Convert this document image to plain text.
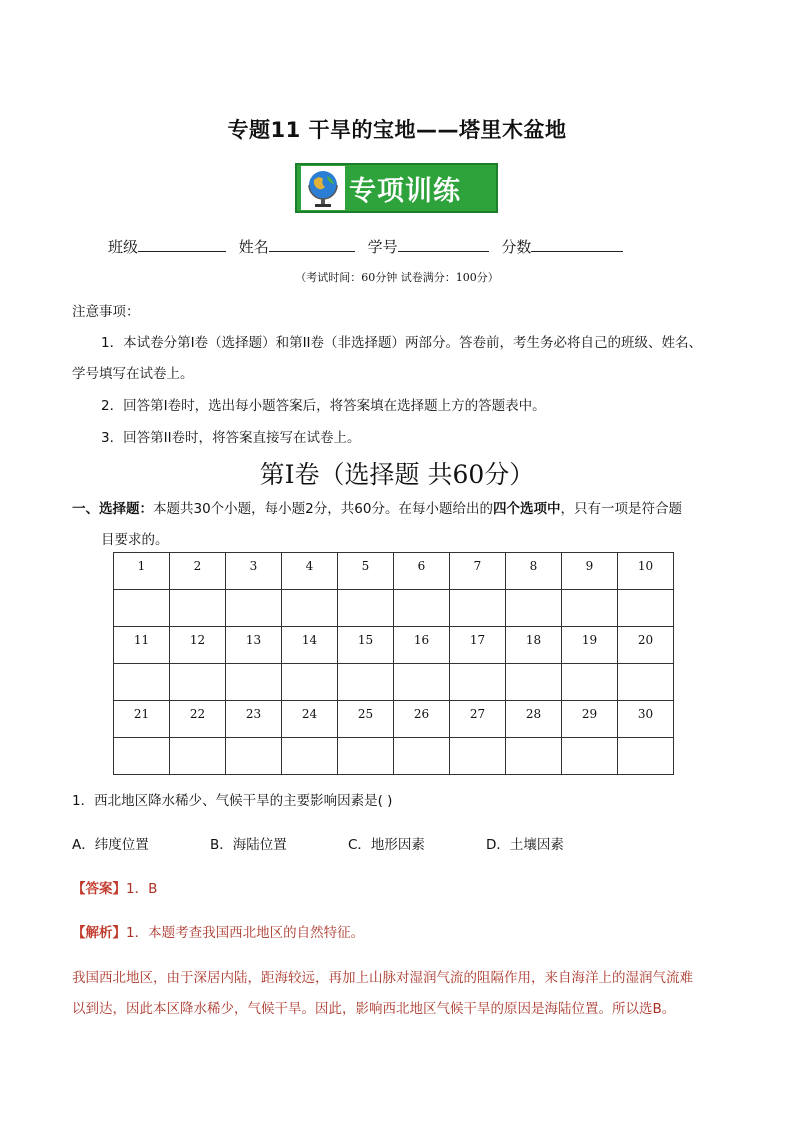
专题11 干旱的宝地——塔里木盆地
专项训练
班级	姓名	学号	分数
（考试时间：60分钟 试卷满分：100分）
注意事项：
1．本试卷分第I卷（选择题）和第II卷（非选择题）两部分。答卷前，考生务必将自己的班级、姓名、
学号填写在试卷上。
2．回答第I卷时，选出每小题答案后，将答案填在选择题上方的答题表中。
3．回答第II卷时，将答案直接写在试卷上。
第I卷（选择题 共60分）
一、选择题：本题共30个小题，每小题2分，共60分。在每小题给出的四个选项中，只有一项是符合题
目要求的。
1	2	3	4	5	6	7	8	9	10

11	12	13	14	15	16	17	18	19	20

21	22	23	24	25	26	27	28	29	30

1．西北地区降水稀少、气候干旱的主要影响因素是( )
A．纬度位置	B．海陆位置	C．地形因素	D．土壤因素
【答案】1．B
【解析】1．本题考查我国西北地区的自然特征。
我国西北地区，由于深居内陆，距海较远，再加上山脉对湿润气流的阻隔作用，来自海洋上的湿润气流难
以到达，因此本区降水稀少，气候干旱。因此，影响西北地区气候干旱的原因是海陆位置。所以选B。
